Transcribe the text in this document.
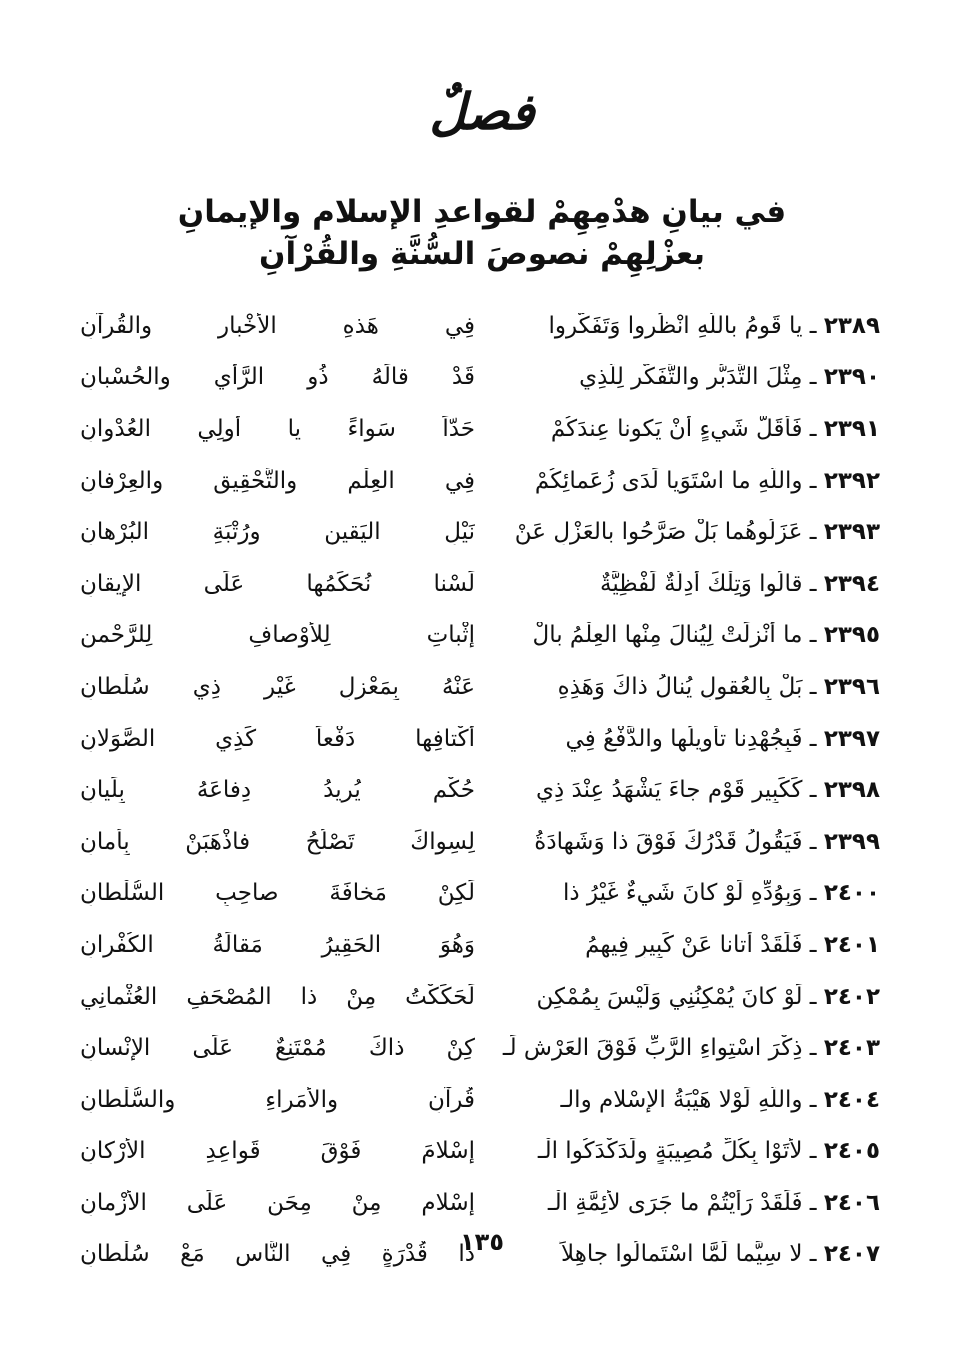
فصلٌ
في بيانِ هدْمِهِمْ لقواعدِ الإسلام والإيمانِ
بعزْلِهِمْ نصوصَ السُّنَّةِ والقُرْآنِ
٢٣٨٩ ـ يا قَومُ باللَّهِ انْظُروا وَتَفَكَّروا
فِي هَذهِ الأَخْبارِ والقُرآنِ
٢٣٩٠ ـ مِثْلَ التَّدَبُّرِ والتَّفَكُّرِ لِلَّذِي
قَدْ قالَهُ ذُو الرَّأْيِ والحُسْبانِ
٢٣٩١ ـ فَأَقَلُّ شَيءٍ أَنْ يَكونا عِندَكُمْ
حَدّاً سَواءً يا أولِي العُدْوانِ
٢٣٩٢ ـ واللَّهِ ما اسْتَوَيا لَدَى زُعَمائِكُمْ
فِي العِلْمِ والتَّحْقِيقِ والعِرْفانِ
٢٣٩٣ ـ عَزَلُوهُما بَلْ صَرَّحُوا بالعَزْلِ عَنْ
نَيْلِ اليَقينِ ورُتْبَةِ البُرْهانِ
٢٣٩٤ ـ قالُوا وَتِلْكَ أدِلَّةٌ لَفْظِيَّةٌ
لَسْنا نُحَكِّمُها عَلَى الإيقانِ
٢٣٩٥ ـ ما أُنْزِلَتْ لِيُنالَ مِنْها العِلْمُ بالْ
إثْباتِ لِلأَوْصافِ لِلرَّحْمنِ
٢٣٩٦ ـ بَلْ بِالعُقولِ يُنالُ ذاكَ وَهَذِهِ
عَنْهُ بِمَعْزِلِ غَيْرِ ذِي سُلْطانِ
٢٣٩٧ ـ فَبِجُهْدِنا تأْوِيلُها والدَّفْعُ فِي
أَكْتافِها دَفْعاً كَذِي الصَّوَلانِ
٢٣٩٨ ـ كَكَبِيرِ قَوْمٍ جاءَ يَشْهَدُ عِنْدَ ذِي
حُكْمٍ يُرِيدُ دِفاعَهُ بِلَيانِ
٢٣٩٩ ـ فَيَقُولُ قَدْرُكَ فَوْقَ ذا وَشَهادَةُ
لِسِواكَ تَصْلُحُ فاذْهَبَنْ بِأَمانِ
٢٤٠٠ ـ وَبِوُدِّهِ لَوْ كانَ شَيءٌ غَيْرُ ذا
لَكِنْ مَخافَةَ صاحِبِ السُّلْطانِ
٢٤٠١ ـ فَلَقَدْ أَتانا عَنْ كَبِيرٍ فِيهِمُ
وَهُوَ الحَقِيرُ مَقالَةُ الكُفْرانِ
٢٤٠٢ ـ لَوْ كانَ يُمْكِنُنِي وَلَيْسَ بِمُمْكِنٍ
لَحَكَكْتُ مِنْ ذا المُصْحَفِ العُثْمانِي
٢٤٠٣ ـ ذِكْرَ اسْتِواءِ الرَّبِّ فَوْقَ العَرْشِ لَـ
كِنْ ذاكَ مُمْتَنِعٌ عَلَى الإنْسانِ
٢٤٠٤ ـ واللَّهِ لَوْلا هَيْبَةُ الإسْلامِ والـ
قُرآنِ والأُمَراءِ والسُّلْطانِ
٢٤٠٥ ـ لأَتَوْا بِكُلِّ مُصِيبَةٍ ولَدَكْدَكُوا الْـ
إِسْلامَ فَوْقَ قَواعِدِ الأَرْكانِ
٢٤٠٦ ـ فَلَقَدْ رَأَيْتُمْ ما جَرَى لأَئِمَّةِ الْـ
إِسْلامِ مِنْ مِحَنٍ عَلَى الأَزْمانِ
٢٤٠٧ ـ لا سِيَّما لَمَّا اسْتَمالُوا جاهِلاً
ذا قُدْرَةٍ فِي النَّاسِ مَعْ سُلْطانِ
١٣٥
